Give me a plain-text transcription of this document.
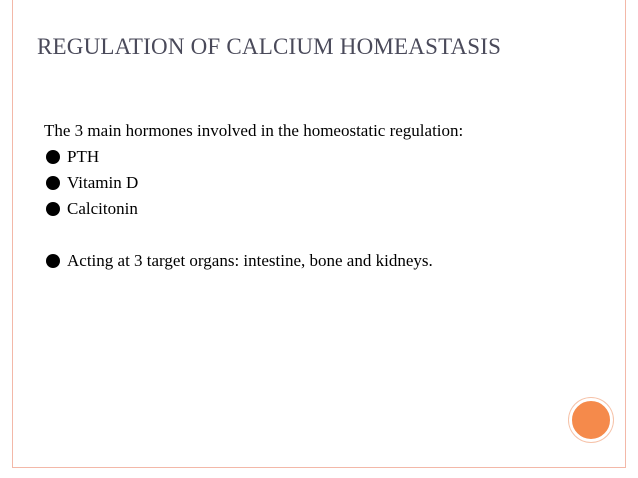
REGULATION OF CALCIUM HOMEASTASIS

The 3 main hormones involved in the homeostatic regulation:

PTH
Vitamin D
Calcitonin
Acting at 3 target organs: intestine, bone and kidneys.
